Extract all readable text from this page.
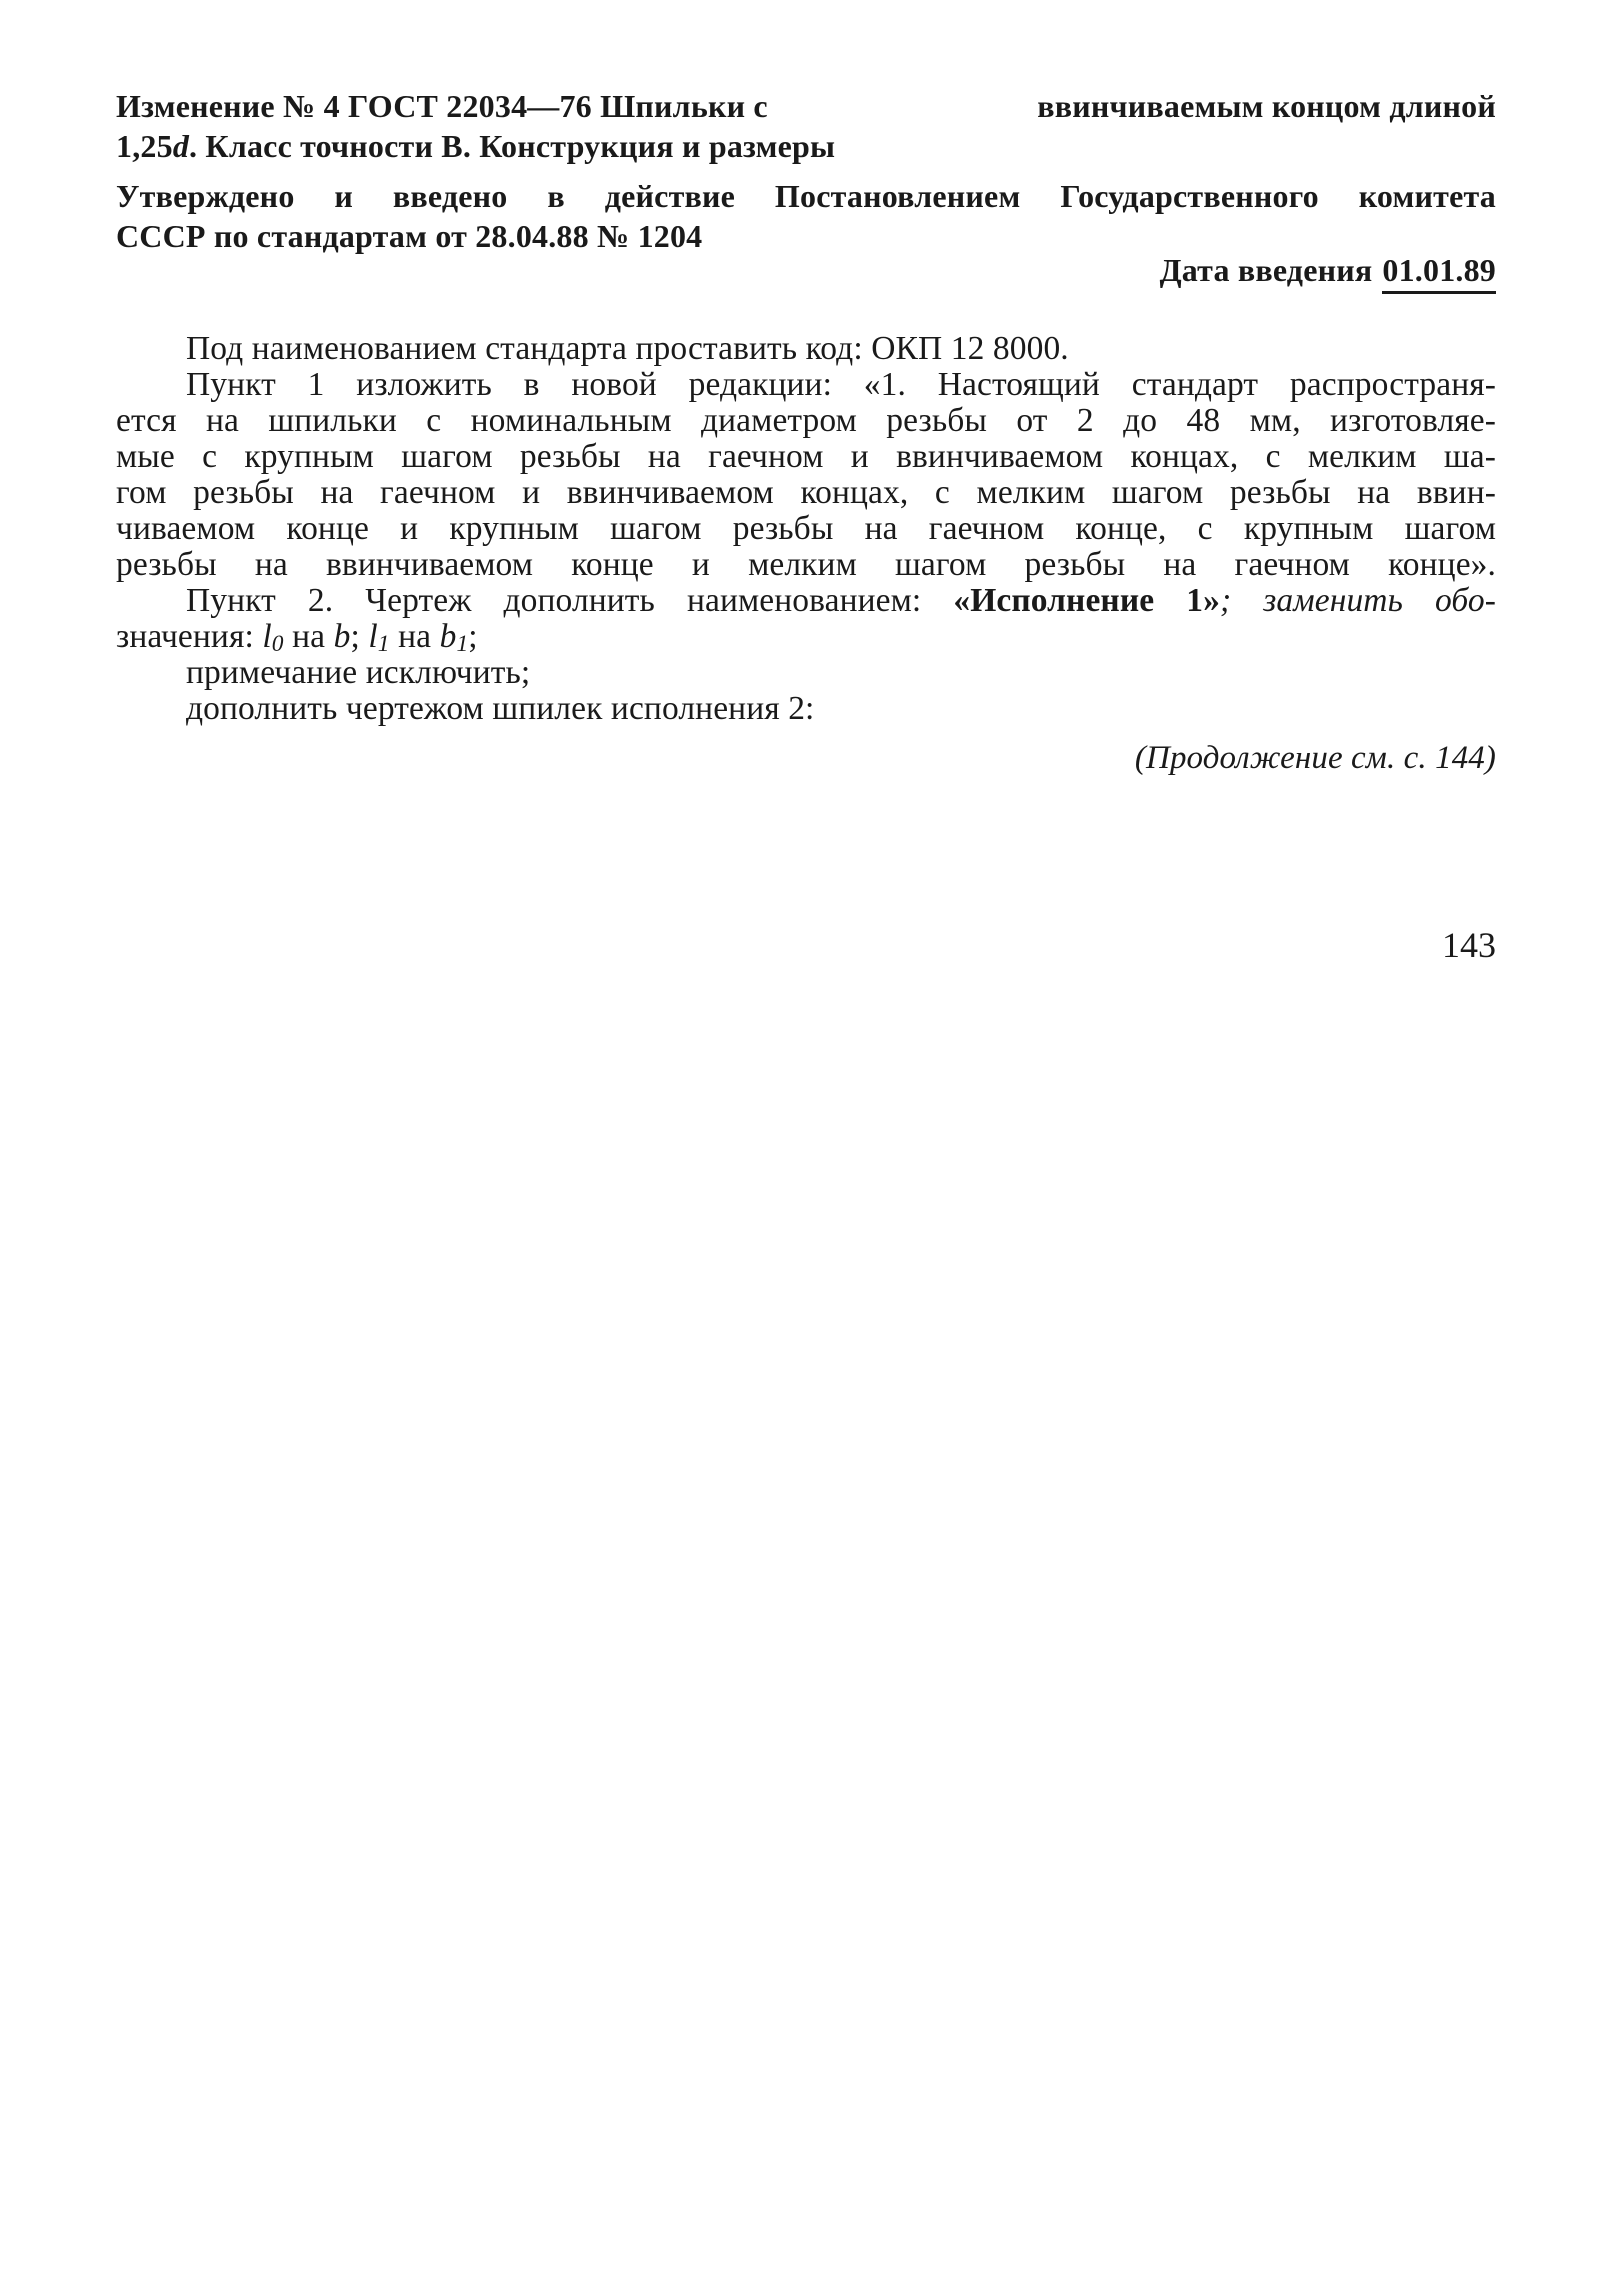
Изменение № 4 ГОСТ 22034—76 Шпильки с	ввинчиваемым концом длиной
1,25d. Класс точности В. Конструкция и размеры
Утверждено и введено в действие Постановлением Государственного комитета
СССР по стандартам от 28.04.88 № 1204
Дата введения 01.01.89
Под наименованием стандарта проставить код: ОКП 12 8000.
Пункт 1 изложить в новой редакции: «1. Настоящий стандарт распространя-
ется на шпильки с номинальным диаметром резьбы от 2 до 48 мм, изготовляе-
мые с крупным шагом резьбы на гаечном и ввинчиваемом концах, с мелким ша-
гом резьбы на гаечном и ввинчиваемом концах, с мелким шагом резьбы на ввин-
чиваемом конце и крупным шагом резьбы на гаечном конце, с крупным шагом
резьбы на ввинчиваемом конце и мелким шагом резьбы на гаечном конце».
Пункт 2. Чертеж дополнить наименованием: «Исполнение 1»; заменить обо-
значения: $l_0$ на b; $l_1$ на $b_1$;
примечание исключить;
дополнить чертежом шпилек исполнения 2:
(Продолжение см. с. 144)
143
